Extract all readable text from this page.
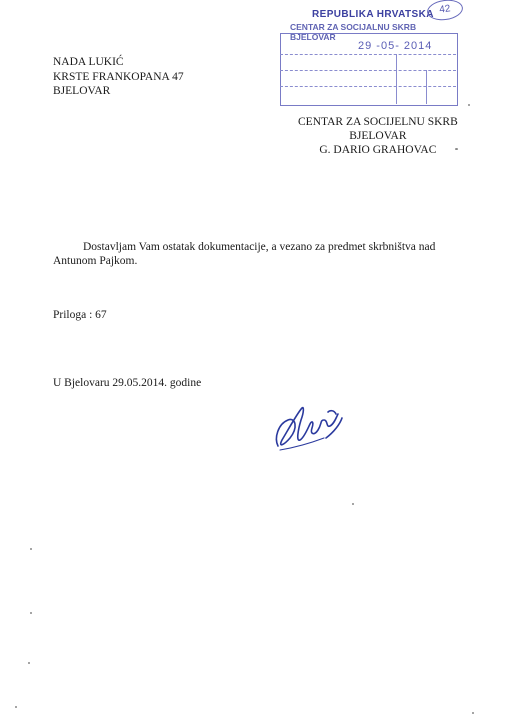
REPUBLIKA HRVATSKA
CENTAR ZA SOCIJALNU SKRB BJELOVAR
29 -05- 2014
42
NADA LUKIĆ
KRSTE FRANKOPANA 47
BJELOVAR
CENTAR ZA SOCIJELNU SKRB
BJELOVAR
G. DARIO GRAHOVAC
Dostavljam Vam ostatak dokumentacije, a vezano za predmet skrbništva nad Antunom Pajkom.
Priloga : 67
U Bjelovaru 29.05.2014. godine
